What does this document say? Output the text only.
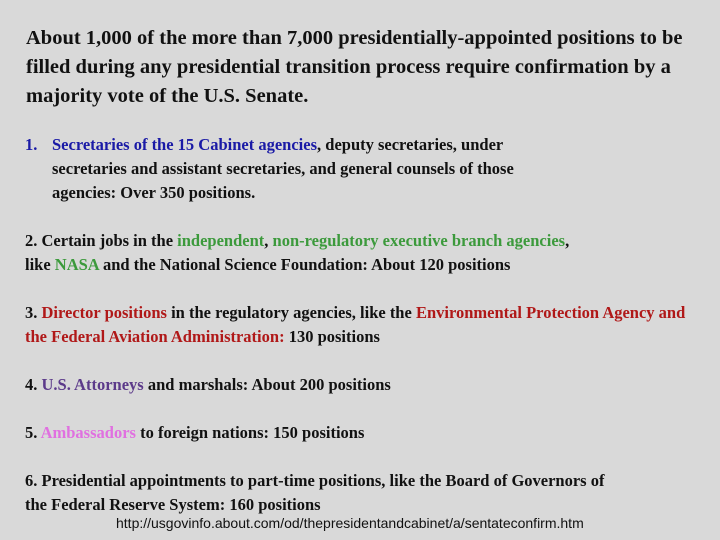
About 1,000 of the more than 7,000 presidentially-appointed positions to be filled during any presidential transition process require confirmation by a majority vote of the U.S. Senate.
1. Secretaries of the 15 Cabinet agencies, deputy secretaries, under
secretaries and assistant secretaries, and general counsels of those
agencies: Over 350 positions.
2. Certain jobs in the independent, non-regulatory executive branch agencies,
like NASA and the National Science Foundation: About 120 positions
3. Director positions in the regulatory agencies, like the Environmental Protection Agency and the Federal Aviation Administration: 130 positions
4. U.S. Attorneys and marshals: About 200 positions
5. Ambassadors to foreign nations: 150 positions
6. Presidential appointments to part-time positions, like the Board of Governors of the Federal Reserve System: 160 positions
http://usgovinfo.about.com/od/thepresidentandcabinet/a/sentateconfirm.htm
